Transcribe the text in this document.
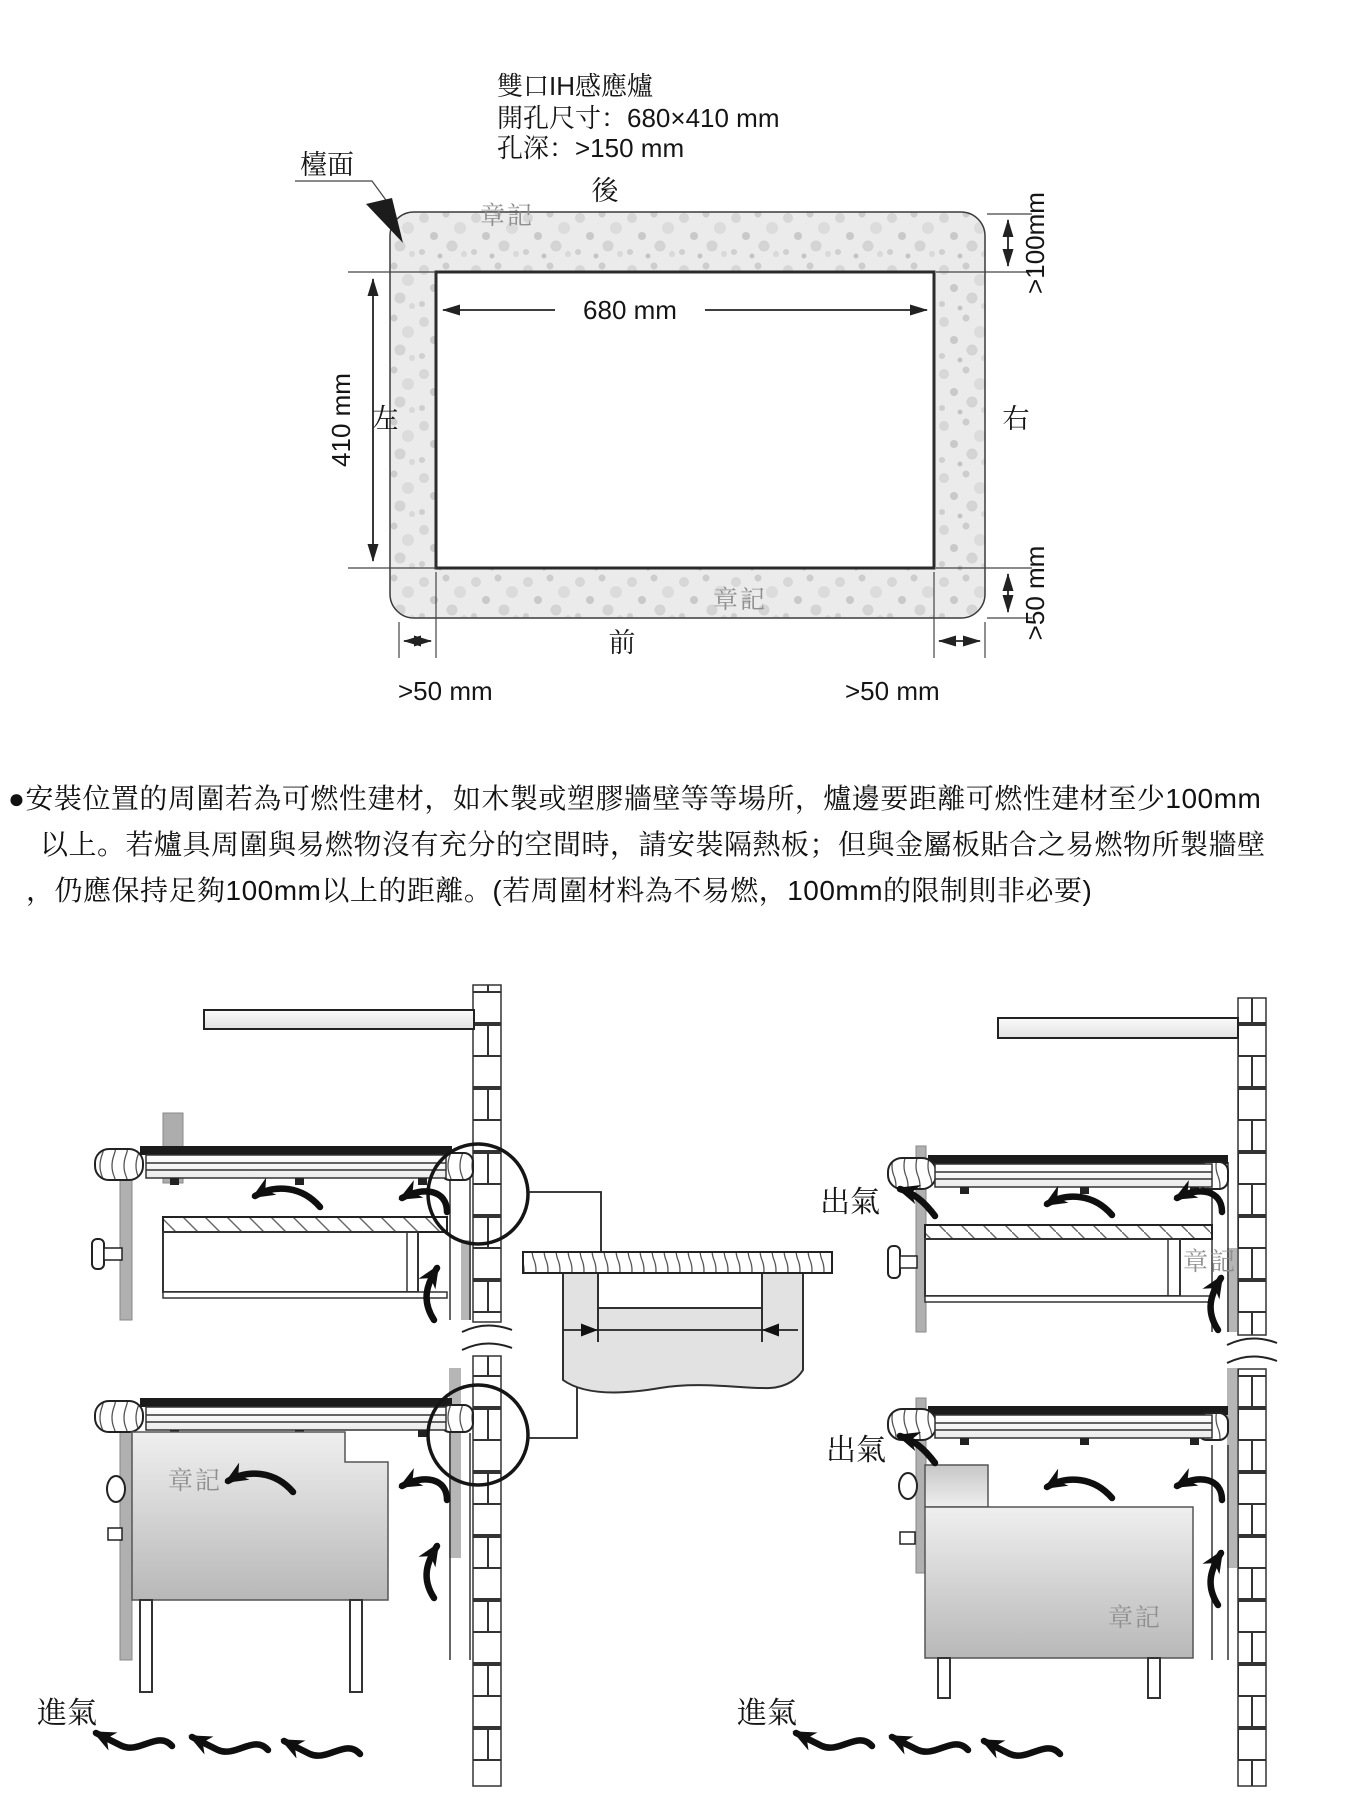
雙口IH感應爐
開孔尺寸：680×410 mm
孔深：>150 mm
章記
章記
檯面
後
前
左	右
680 mm
410 mm
>100mm
>50 mm
>50 mm	>50 mm
●安裝位置的周圍若為可燃性建材，如木製或塑膠牆壁等等場所，爐邊要距離可燃性建材至少100mm
以上。若爐具周圍與易燃物沒有充分的空間時，請安裝隔熱板；但與金屬板貼合之易燃物所製牆壁
，仍應保持足夠100mm以上的距離。(若周圍材料為不易燃，100mm的限制則非必要)
出氣
出氣
進氣	進氣
章記
章記
章記
